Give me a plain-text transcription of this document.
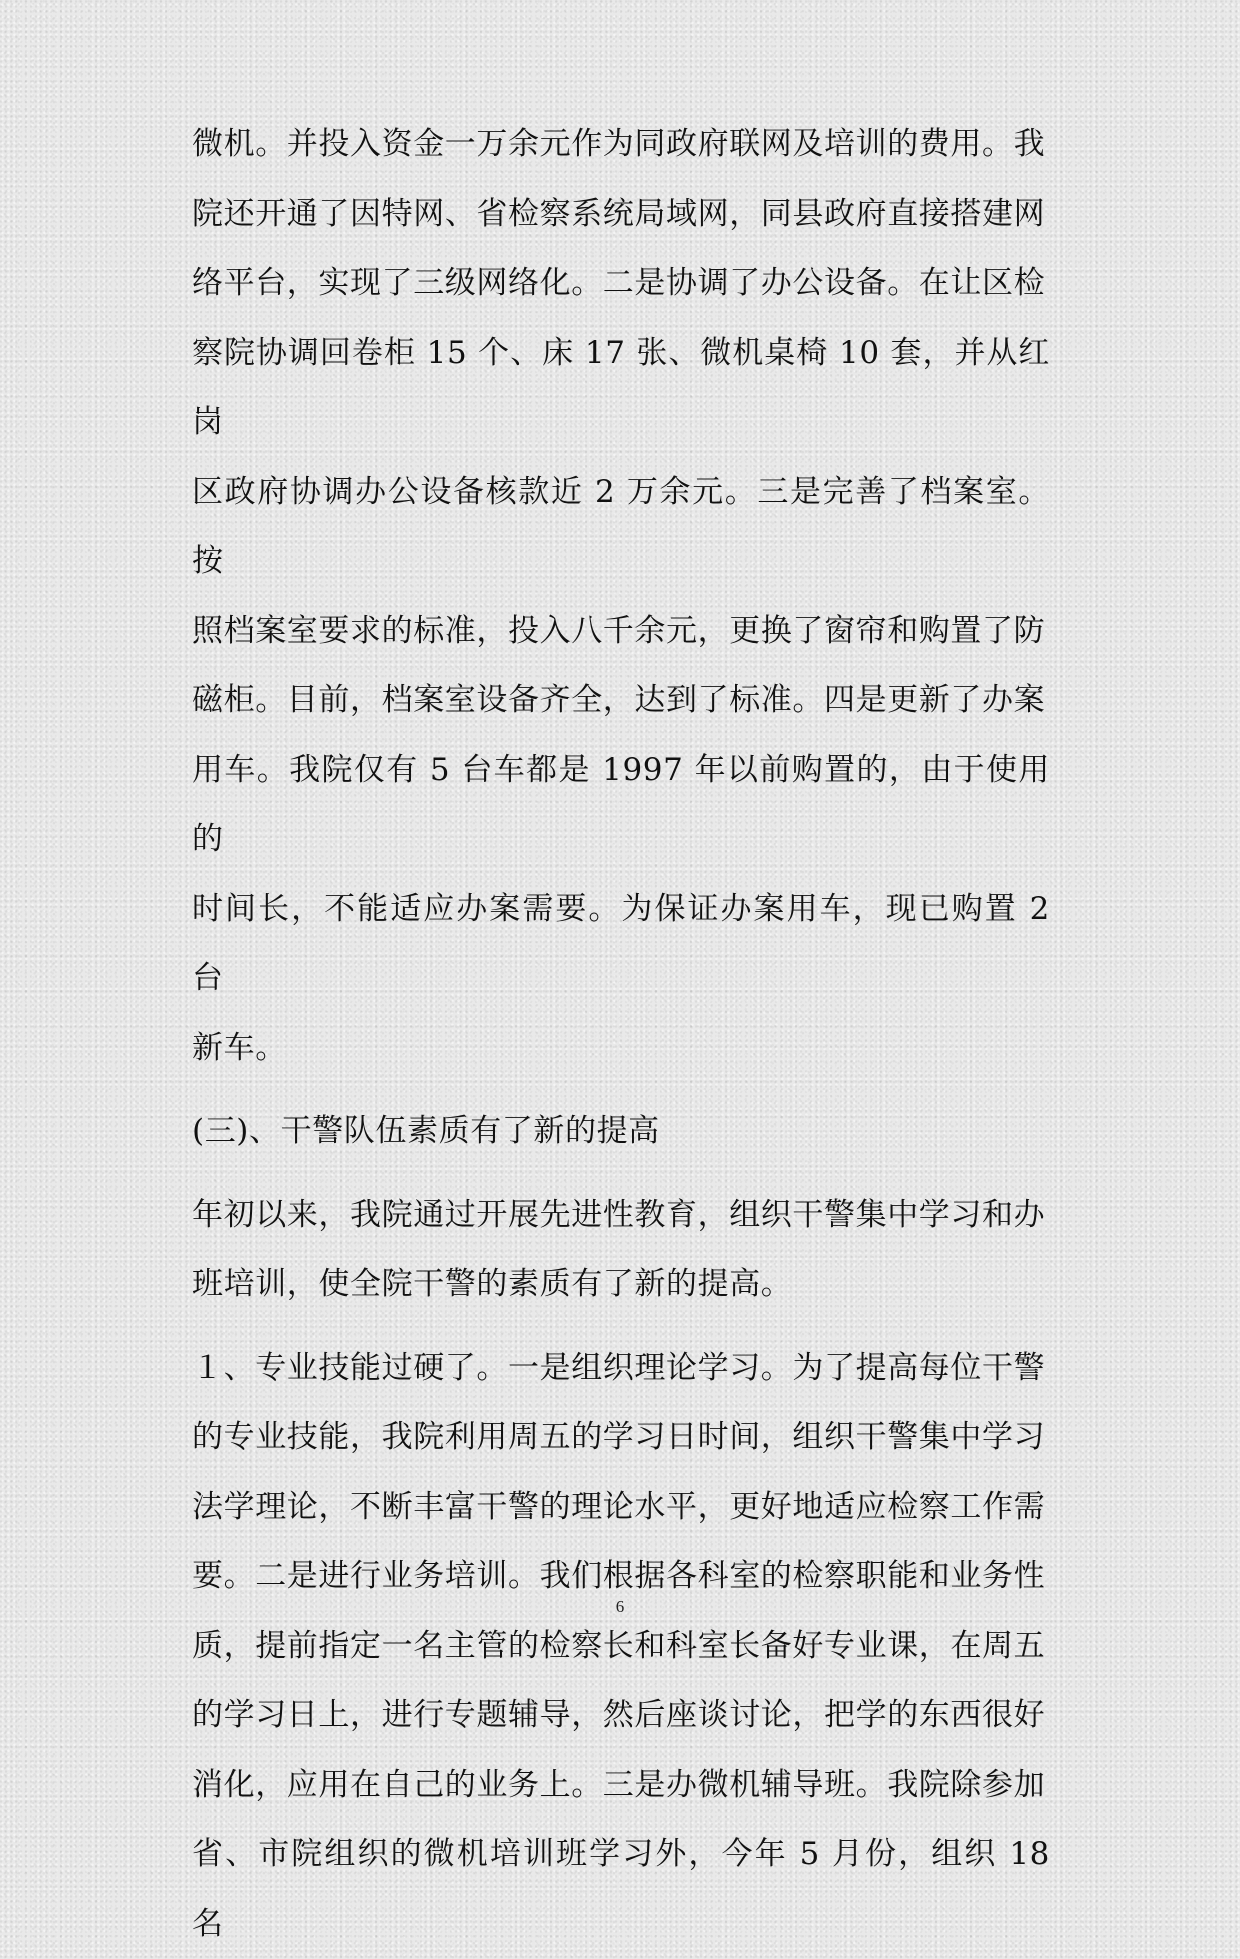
微机。并投入资金一万余元作为同政府联网及培训的费用。我
院还开通了因特网、省检察系统局域网，同县政府直接搭建网
络平台，实现了三级网络化。二是协调了办公设备。在让区检
察院协调回卷柜 15 个、床 17 张、微机桌椅 10 套，并从红岗
区政府协调办公设备核款近 2 万余元。三是完善了档案室。按
照档案室要求的标准，投入八千余元，更换了窗帘和购置了防
磁柜。目前，档案室设备齐全，达到了标准。四是更新了办案
用车。我院仅有 5 台车都是 1997 年以前购置的，由于使用的
时间长，不能适应办案需要。为保证办案用车，现已购置 2 台
新车。

(三)、干警队伍素质有了新的提高

年初以来，我院通过开展先进性教育，组织干警集中学习和办
班培训，使全院干警的素质有了新的提高。

１、专业技能过硬了。一是组织理论学习。为了提高每位干警
的专业技能，我院利用周五的学习日时间，组织干警集中学习
法学理论，不断丰富干警的理论水平，更好地适应检察工作需
要。二是进行业务培训。我们根据各科室的检察职能和业务性
质，提前指定一名主管的检察长和科室长备好专业课，在周五
的学习日上，进行专题辅导，然后座谈讨论，把学的东西很好
消化，应用在自己的业务上。三是办微机辅导班。我院除参加
省、市院组织的微机培训班学习外，今年 5 月份，组织 18 名

6
